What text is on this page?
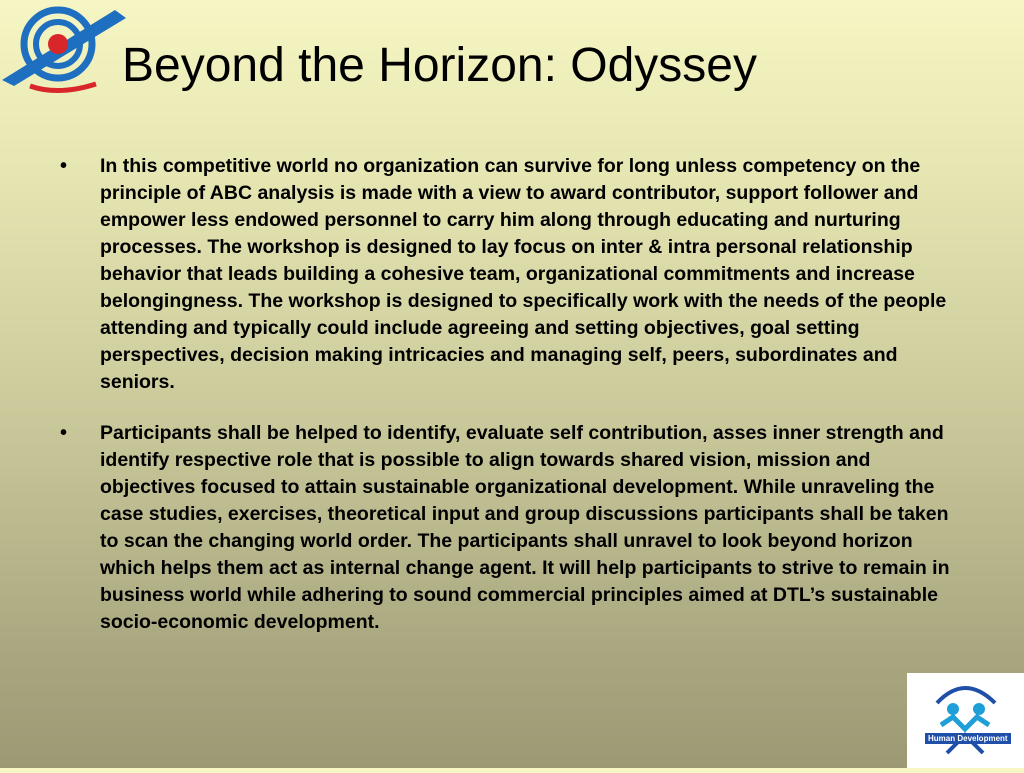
Beyond the Horizon: Odyssey
• In this competitive world no organization can survive for long unless competency on the principle of ABC analysis is made with a view to award contributor, support follower and empower less endowed personnel to carry him along through educating and nurturing processes. The workshop is designed to lay focus on inter & intra personal relationship behavior that leads building a cohesive team, organizational commitments and increase belongingness. The workshop is designed to specifically work with the needs of the people attending and typically could include agreeing and setting objectives, goal setting perspectives, decision making intricacies and managing self, peers, subordinates and seniors.
• Participants shall be helped to identify, evaluate self contribution, asses inner strength and identify respective role that is possible to align towards shared vision, mission and objectives focused to attain sustainable organizational development. While unraveling the case studies, exercises, theoretical input and group discussions participants shall be taken to scan the changing world order. The participants shall unravel to look beyond horizon which helps them act as internal change agent. It will help participants to strive to remain in business world while adhering to sound commercial principles aimed at DTL’s sustainable socio-economic development.
Human Development
